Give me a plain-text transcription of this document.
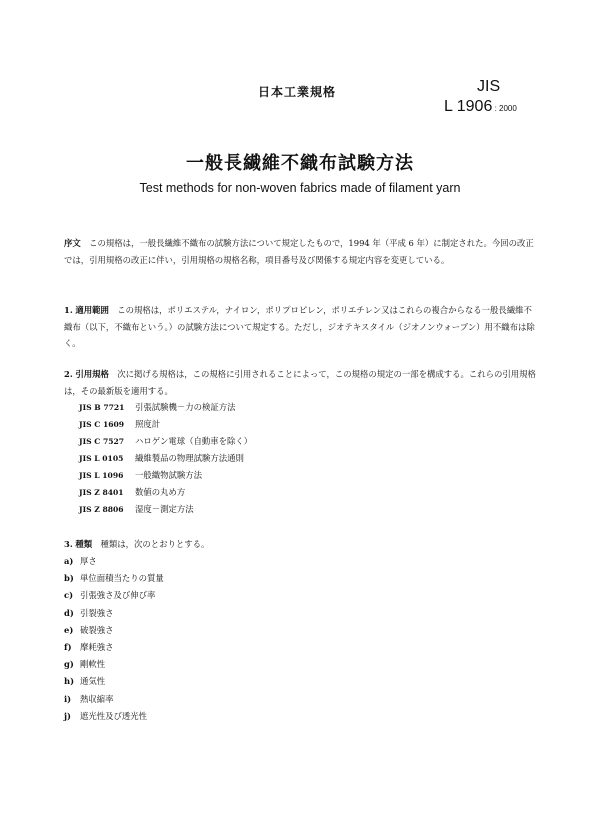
日本工業規格	JIS
L 1906 : 2000
一般長繊維不織布試験方法
Test methods for non-woven fabrics made of filament yarn
序文　 この規格は，一般長繊維不織布の試験方法について規定したもので，1994 年（平成 6 年）に制定された。今回の改正では，引用規格の改正に伴い，引用規格の規格名称，項目番号及び関係する規定内容を変更している。
1. 適用範囲　 この規格は，ポリエステル，ナイロン，ポリプロピレン，ポリエチレン又はこれらの複合からなる一般長繊維不織布（以下，不織布という。）の試験方法について規定する。ただし，ジオテキスタイル（ジオノンウォーブン）用不織布は除く。
2. 引用規格　 次に掲げる規格は，この規格に引用されることによって，この規格の規定の一部を構成する。これらの引用規格は，その最新版を適用する。
JIS B 7721 引張試験機－力の検証方法
JIS C 1609 照度計
JIS C 7527 ハロゲン電球（自動車を除く）
JIS L 0105 繊維製品の物理試験方法通則
JIS L 1096 一般織物試験方法
JIS Z 8401 数値の丸め方
JIS Z 8806 湿度－測定方法
3. 種類　 種類は，次のとおりとする。
a) 厚さ
b) 単位面積当たりの質量
c) 引張強さ及び伸び率
d) 引裂強さ
e) 破裂強さ
f) 摩耗強さ
g) 剛軟性
h) 通気性
i) 熱収縮率
j) 遮光性及び透光性
